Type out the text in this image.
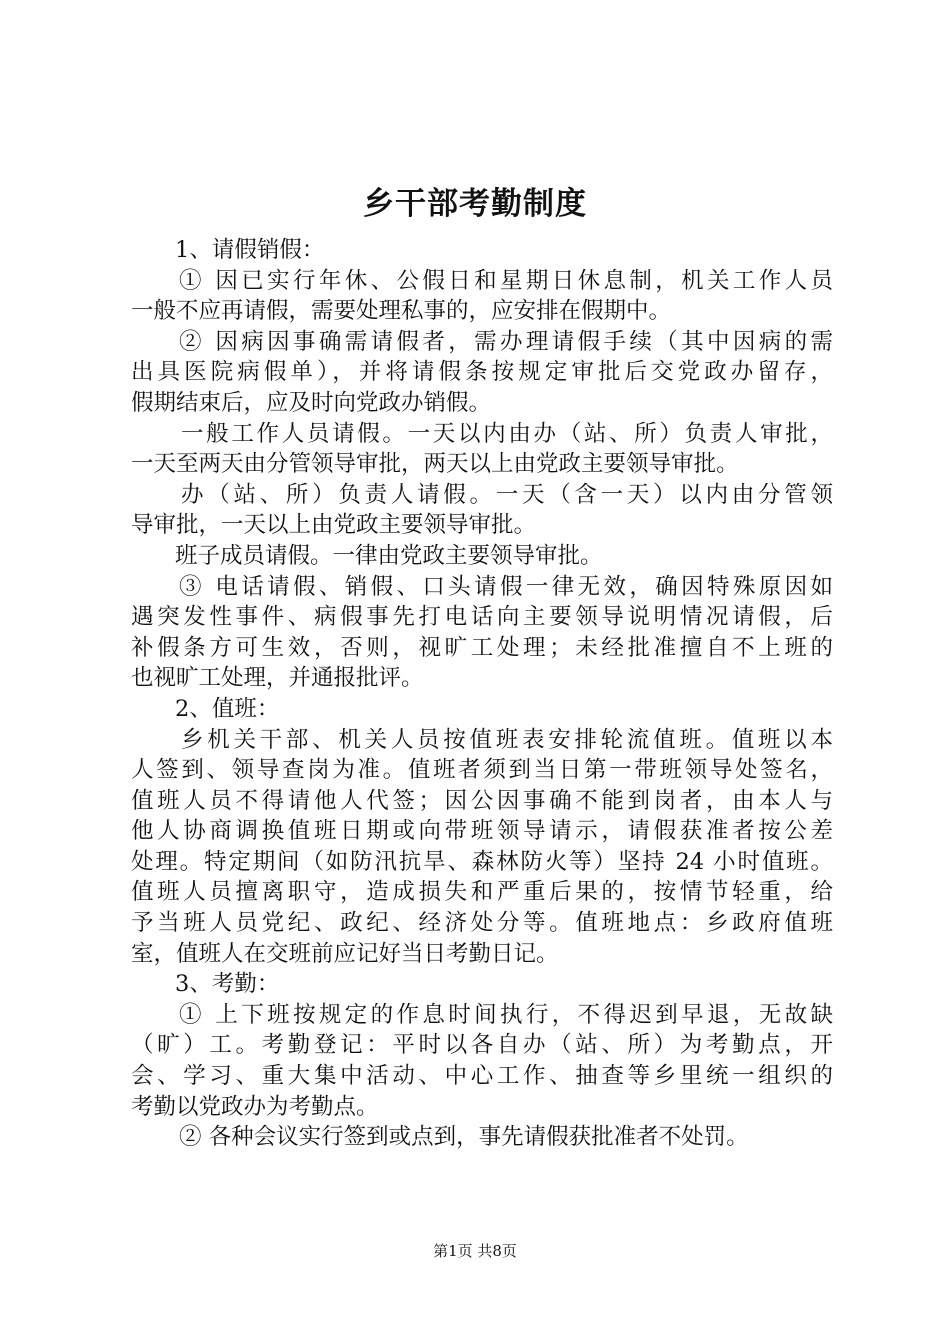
乡干部考勤制度
1、请假销假：
① 因已实行年休、公假日和星期日休息制，机关工作人员
一般不应再请假，需要处理私事的，应安排在假期中。
② 因病因事确需请假者，需办理请假手续（其中因病的需
出具医院病假单），并将请假条按规定审批后交党政办留存，
假期结束后，应及时向党政办销假。
一般工作人员请假。一天以内由办（站、所）负责人审批，
一天至两天由分管领导审批，两天以上由党政主要领导审批。
办（站、所）负责人请假。一天（含一天）以内由分管领
导审批，一天以上由党政主要领导审批。
班子成员请假。一律由党政主要领导审批。
③ 电话请假、销假、口头请假一律无效，确因特殊原因如
遇突发性事件、病假事先打电话向主要领导说明情况请假，后
补假条方可生效，否则，视旷工处理；未经批准擅自不上班的
也视旷工处理，并通报批评。
2、值班：
乡机关干部、机关人员按值班表安排轮流值班。值班以本
人签到、领导查岗为准。值班者须到当日第一带班领导处签名，
值班人员不得请他人代签；因公因事确不能到岗者，由本人与
他人协商调换值班日期或向带班领导请示，请假获准者按公差
处理。特定期间（如防汛抗旱、森林防火等）坚持 24 小时值班。
值班人员擅离职守，造成损失和严重后果的，按情节轻重，给
予当班人员党纪、政纪、经济处分等。值班地点：乡政府值班
室，值班人在交班前应记好当日考勤日记。
3、考勤：
① 上下班按规定的作息时间执行，不得迟到早退，无故缺
（旷）工。考勤登记：平时以各自办（站、所）为考勤点，开
会、学习、重大集中活动、中心工作、抽查等乡里统一组织的
考勤以党政办为考勤点。
② 各种会议实行签到或点到，事先请假获批准者不处罚。
第1页 共8页
